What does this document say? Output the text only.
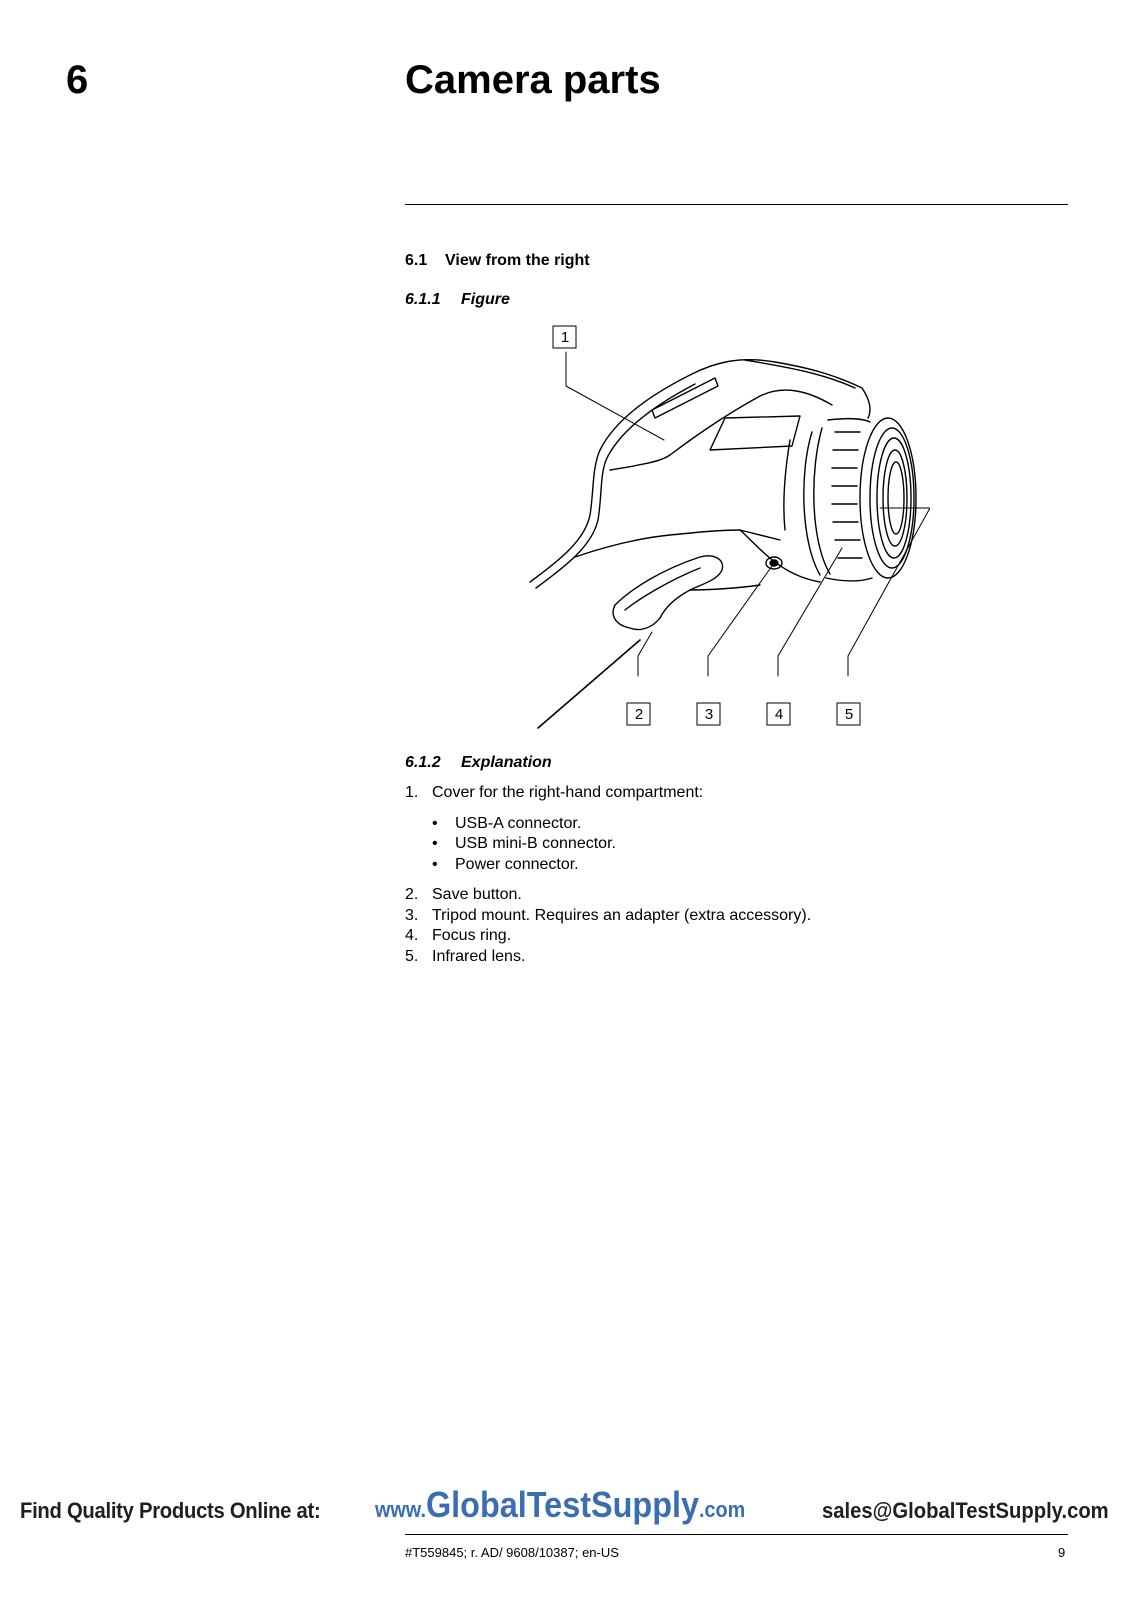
6	Camera parts
6.1 View from the right
6.1.1 Figure
1
2	3	4	5
6.1.2 Explanation
1. Cover for the right-hand compartment:
•	USB-A connector.
•	USB mini-B connector.
•	Power connector.
2. Save button.
3. Tripod mount. Requires an adapter (extra accessory).
4. Focus ring.
5. Infrared lens.
Find Quality Products Online at: www.GlobalTestSupply.com	sales@GlobalTestSupply.com
#T559845; r. AD/ 9608/10387; en-US	9
